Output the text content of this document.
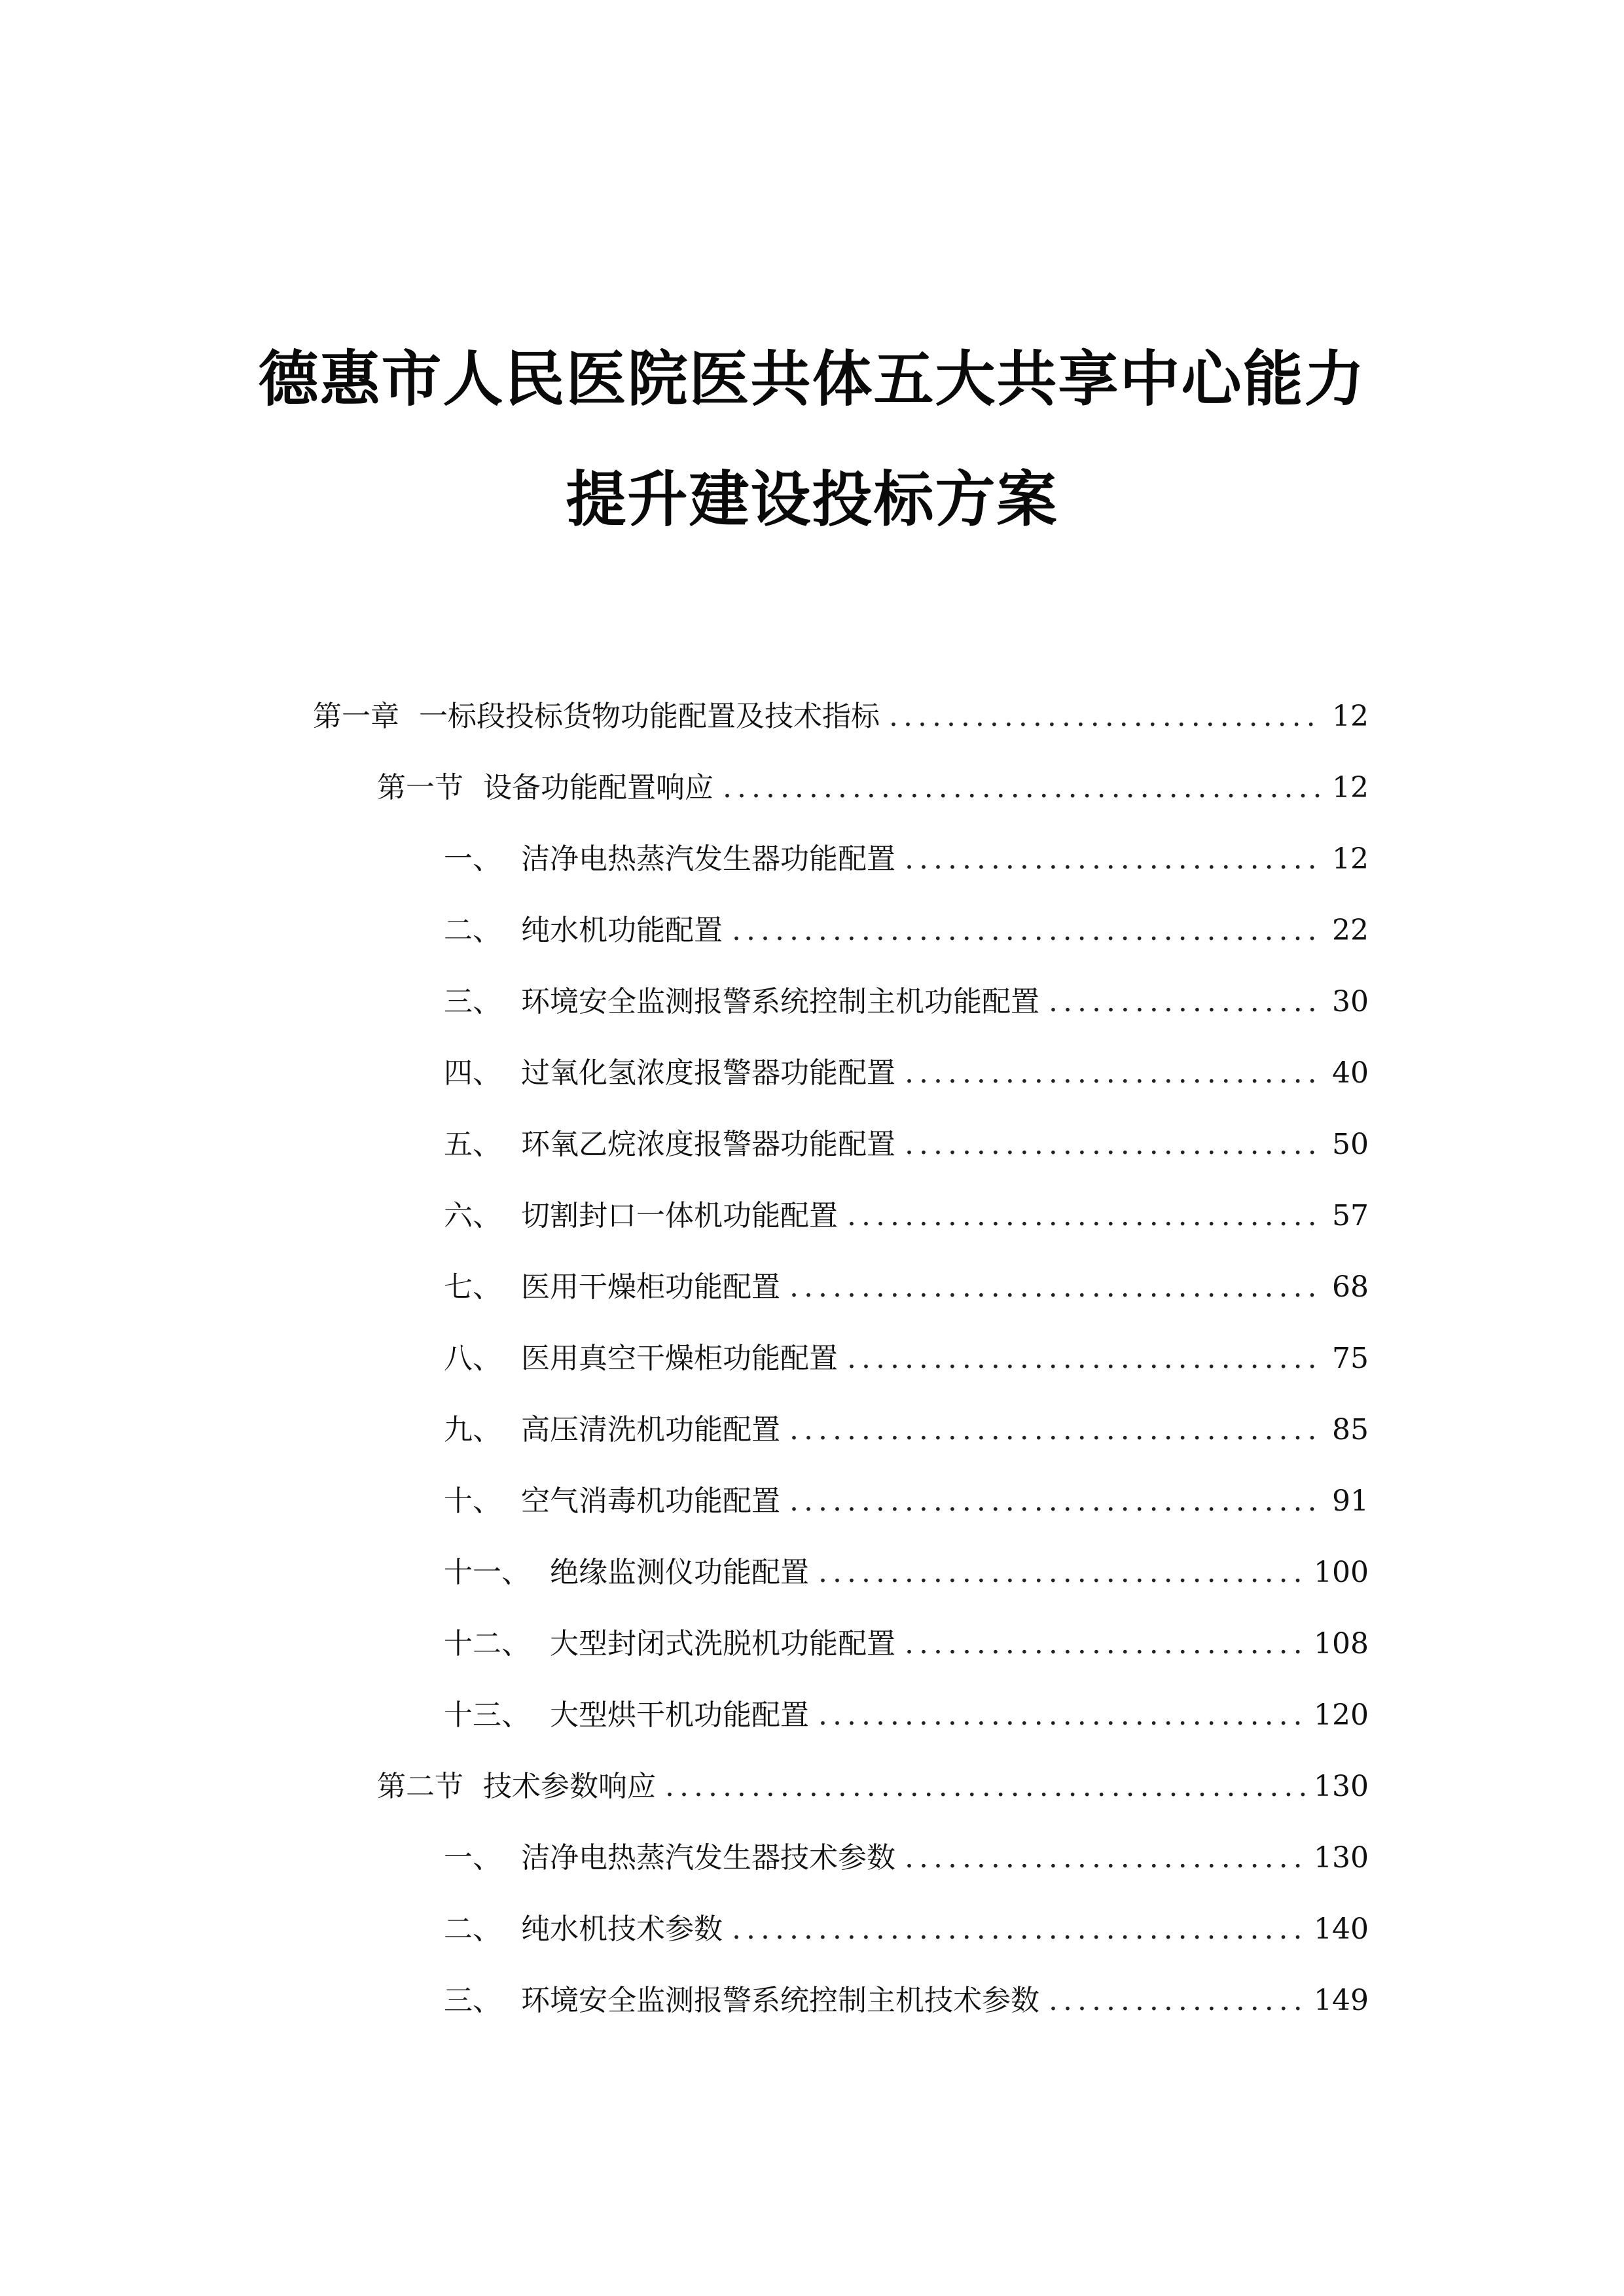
德惠市人民医院医共体五大共享中心能力
提升建设投标方案
第一章 一标段投标货物功能配置及技术指标 .....	12
第一节 设备功能配置响应 .....	12
一、 洁净电热蒸汽发生器功能配置 .....	12
二、 纯水机功能配置 .....	22
三、 环境安全监测报警系统控制主机功能配置 .....	30
四、 过氧化氢浓度报警器功能配置 .....	40
五、 环氧乙烷浓度报警器功能配置 .....	50
六、 切割封口一体机功能配置 .....	57
七、 医用干燥柜功能配置 .....	68
八、 医用真空干燥柜功能配置 .....	75
九、 高压清洗机功能配置 .....	85
十、 空气消毒机功能配置 .....	91
十一、 绝缘监测仪功能配置 .....	100
十二、 大型封闭式洗脱机功能配置 .....	108
十三、 大型烘干机功能配置 .....	120
第二节 技术参数响应 .....	130
一、 洁净电热蒸汽发生器技术参数 .....	130
二、 纯水机技术参数 .....	140
三、 环境安全监测报警系统控制主机技术参数 .....	149
